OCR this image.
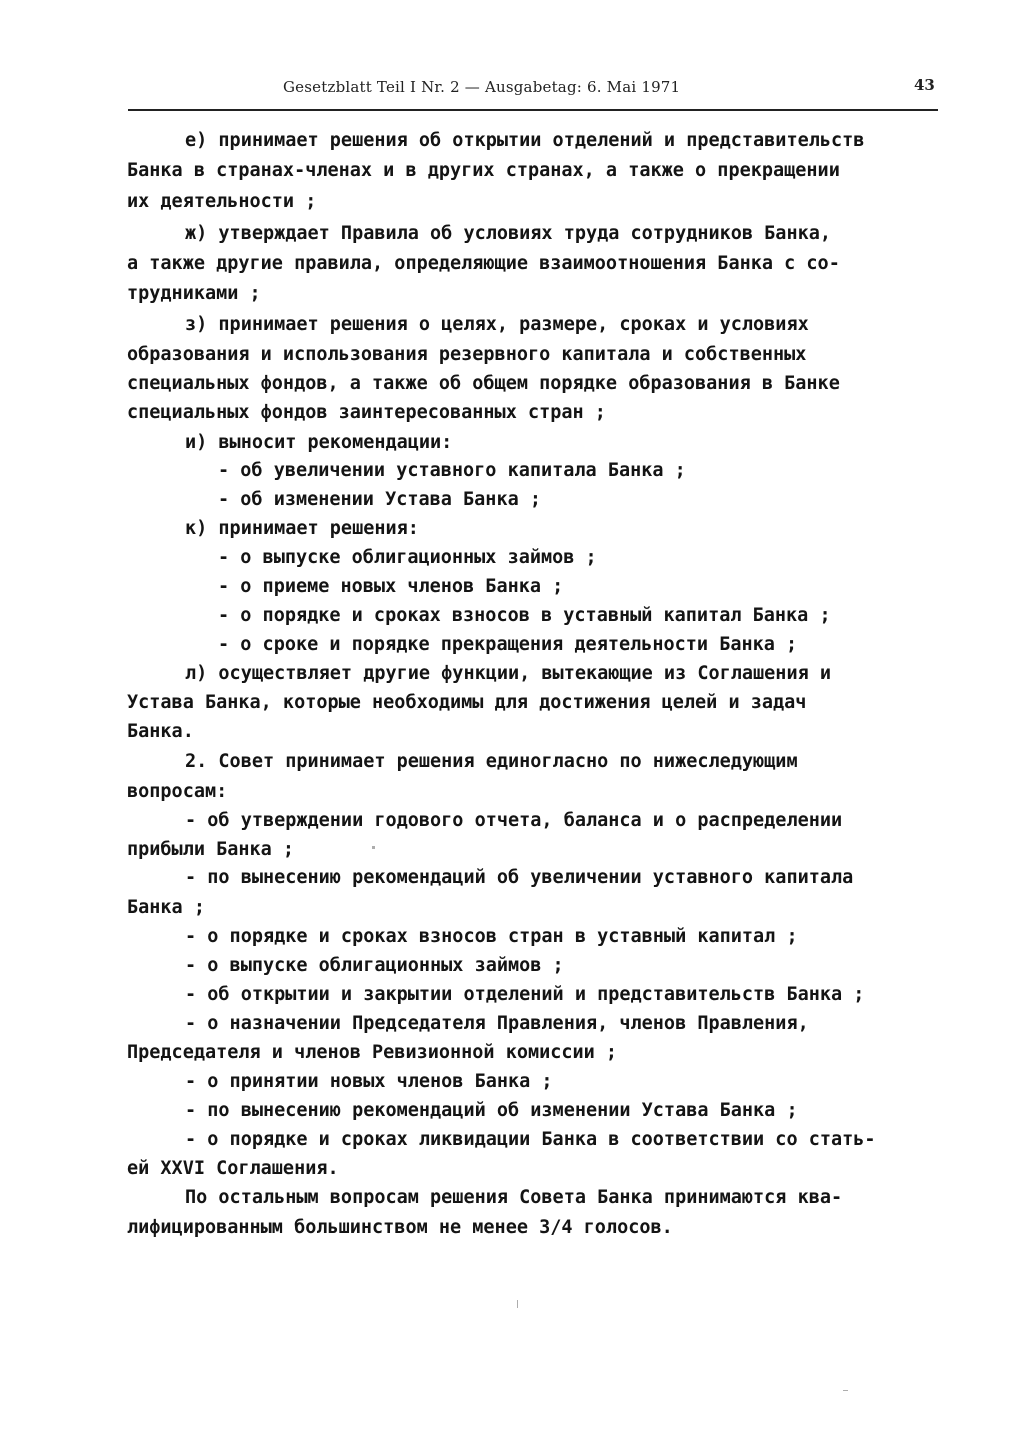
Gesetzblatt Teil I Nr. 2 — Ausgabetag: 6. Mai 1971	43
е) принимает решения об открытии отделений и представительств
Банка в странах-членах и в других странах, а также о прекращении
их деятельности ;
ж) утверждает Правила об условиях труда сотрудников Банка,
а также другие правила, определяющие взаимоотношения Банка с со-
трудниками ;
з) принимает решения о целях, размере, сроках и условиях
образования и использования резервного капитала и собственных
специальных фондов, а также об общем порядке образования в Банке
специальных фондов заинтересованных стран ;
и) выносит рекомендации:
- об увеличении уставного капитала Банка ;
- об изменении Устава Банка ;
к) принимает решения:
- о выпуске облигационных займов ;
- о приеме новых членов Банка ;
- о порядке и сроках взносов в уставный капитал Банка ;
- о сроке и порядке прекращения деятельности Банка ;
л) осуществляет другие функции, вытекающие из Соглашения и
Устава Банка, которые необходимы для достижения целей и задач
Банка.
2. Совет принимает решения единогласно по нижеследующим
вопросам:
- об утверждении годового отчета, баланса и о распределении
прибыли Банка ;
- по вынесению рекомендаций об увеличении уставного капитала
Банка ;
- о порядке и сроках взносов стран в уставный капитал ;
- о выпуске облигационных займов ;
- об открытии и закрытии отделений и представительств Банка ;
- о назначении Председателя Правления, членов Правления,
Председателя и членов Ревизионной комиссии ;
- о принятии новых членов Банка ;
- по вынесению рекомендаций об изменении Устава Банка ;
- о порядке и сроках ликвидации Банка в соответствии со стать-
ей XXVI Соглашения.
По остальным вопросам решения Совета Банка принимаются ква-
лифицированным большинством не менее 3/4 голосов.
